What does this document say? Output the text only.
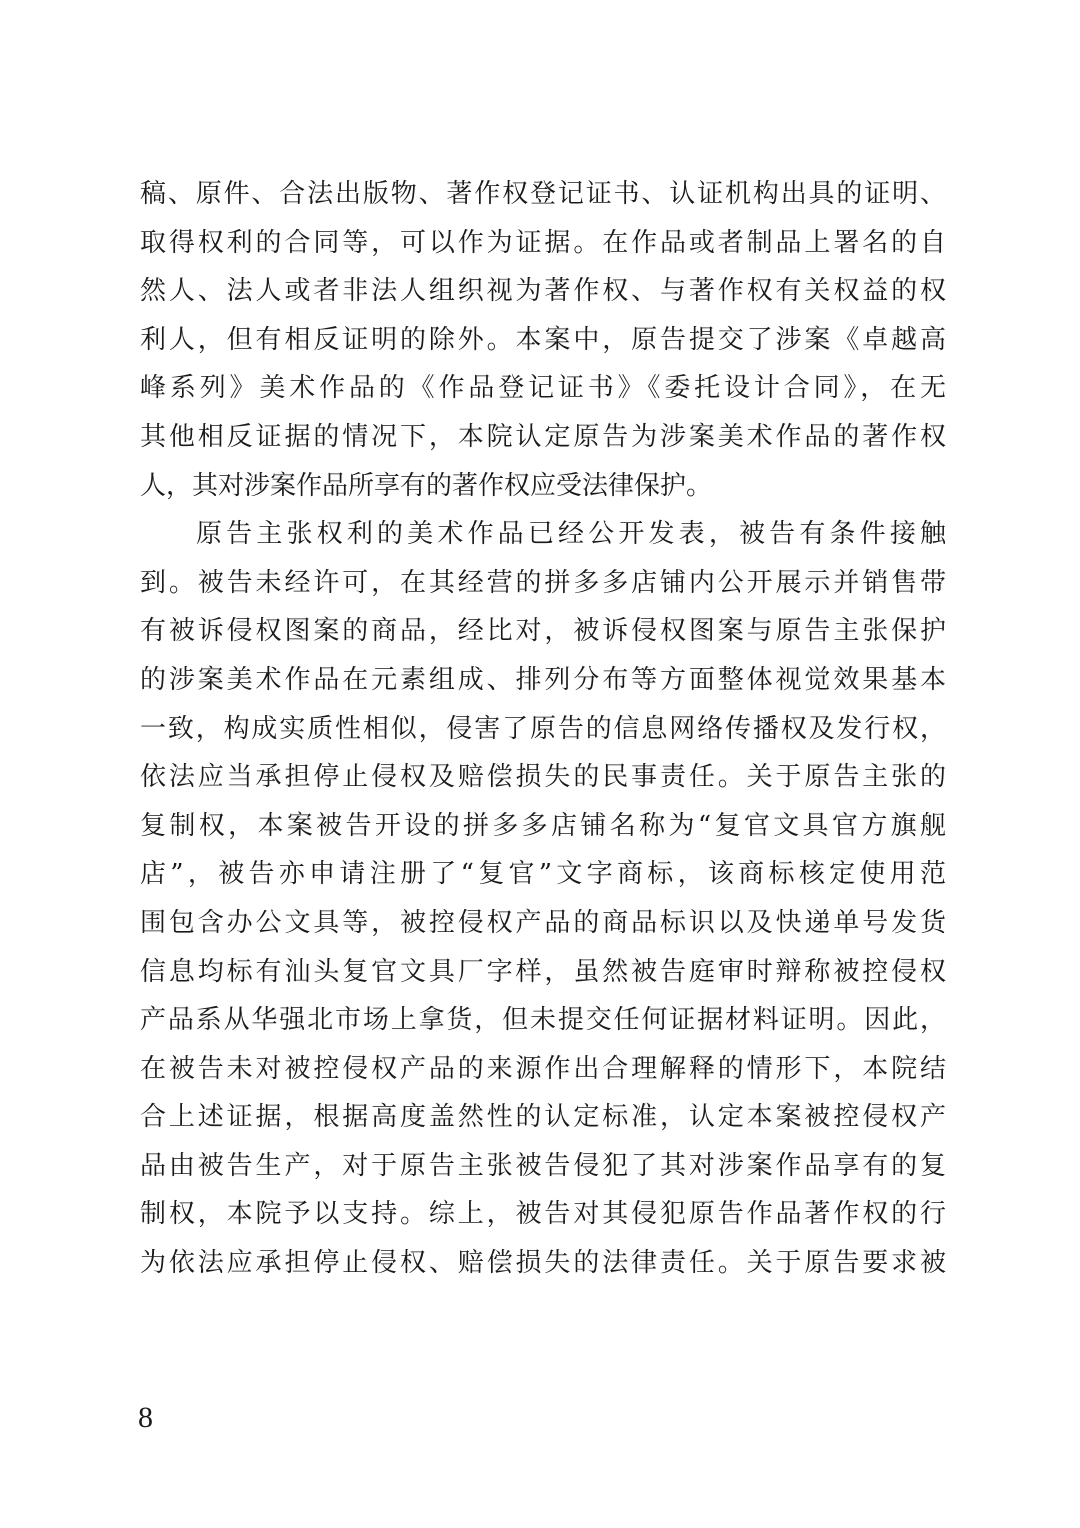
稿、原件、合法出版物、著作权登记证书、认证机构出具的证明、
取得权利的合同等，可以作为证据。在作品或者制品上署名的自
然人、法人或者非法人组织视为著作权、与著作权有关权益的权
利人，但有相反证明的除外。本案中，原告提交了涉案《卓越高
峰系列》美术作品的《作品登记证书》《委托设计合同》，在无
其他相反证据的情况下，本院认定原告为涉案美术作品的著作权
人，其对涉案作品所享有的著作权应受法律保护。
原告主张权利的美术作品已经公开发表，被告有条件接触
到。被告未经许可，在其经营的拼多多店铺内公开展示并销售带
有被诉侵权图案的商品，经比对，被诉侵权图案与原告主张保护
的涉案美术作品在元素组成、排列分布等方面整体视觉效果基本
一致，构成实质性相似，侵害了原告的信息网络传播权及发行权，
依法应当承担停止侵权及赔偿损失的民事责任。关于原告主张的
复制权，本案被告开设的拼多多店铺名称为“复官文具官方旗舰
店”，被告亦申请注册了“复官”文字商标，该商标核定使用范
围包含办公文具等，被控侵权产品的商品标识以及快递单号发货
信息均标有汕头复官文具厂字样，虽然被告庭审时辩称被控侵权
产品系从华强北市场上拿货，但未提交任何证据材料证明。因此，
在被告未对被控侵权产品的来源作出合理解释的情形下，本院结
合上述证据，根据高度盖然性的认定标准，认定本案被控侵权产
品由被告生产，对于原告主张被告侵犯了其对涉案作品享有的复
制权，本院予以支持。综上，被告对其侵犯原告作品著作权的行
为依法应承担停止侵权、赔偿损失的法律责任。关于原告要求被
8
